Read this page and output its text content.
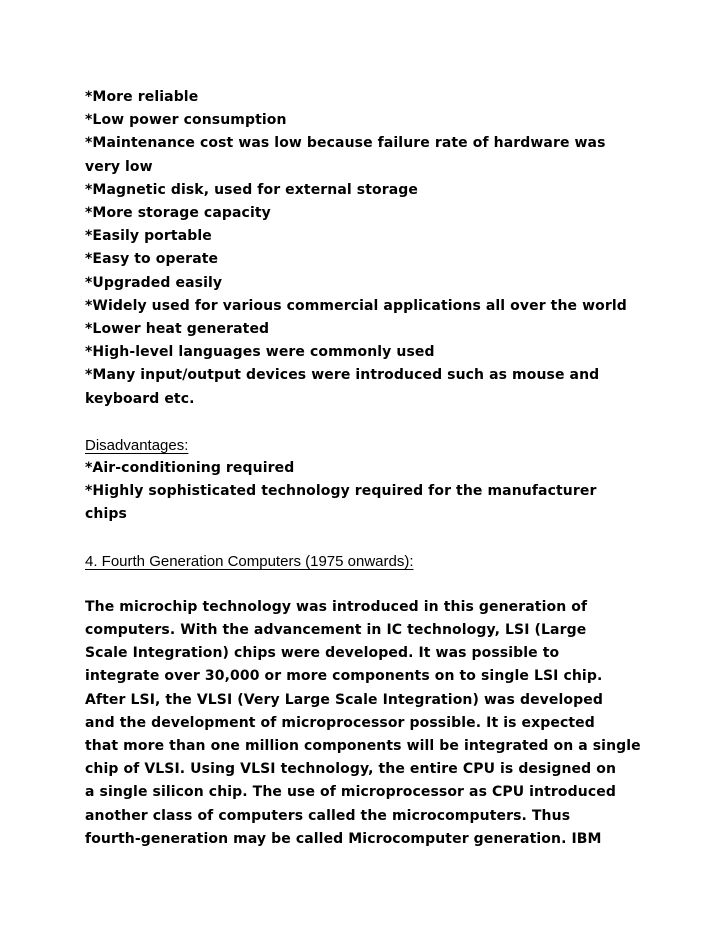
*More reliable
*Low power consumption
*Maintenance cost was low because failure rate of hardware was
very low
*Magnetic disk, used for external storage
*More storage capacity
*Easily portable
*Easy to operate
*Upgraded easily
*Widely used for various commercial applications all over the world
*Lower heat generated
*High-level languages were commonly used
*Many input/output devices were introduced such as mouse and
keyboard etc.
Disadvantages:
*Air-conditioning required
*Highly sophisticated technology required for the manufacturer
chips
4. Fourth Generation Computers (1975 onwards):
The microchip technology was introduced in this generation of
computers. With the advancement in IC technology, LSI (Large
Scale Integration) chips were developed. It was possible to
integrate over 30,000 or more components on to single LSI chip.
After LSI, the VLSI (Very Large Scale Integration) was developed
and the development of microprocessor possible. It is expected
that more than one million components will be integrated on a single
chip of VLSI. Using VLSI technology, the entire CPU is designed on
a single silicon chip. The use of microprocessor as CPU introduced
another class of computers called the microcomputers. Thus
fourth-generation may be called Microcomputer generation. IBM
